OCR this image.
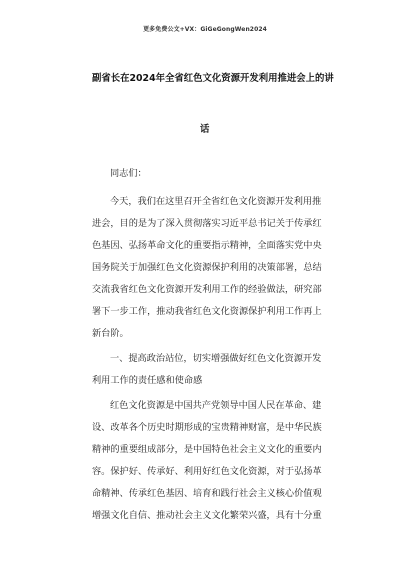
更多免费公文+VX：GiGeGongWen2024
副省长在2024年全省红色文化资源开发利用推进会上的讲
话
同志们：
今天，我们在这里召开全省红色文化资源开发利用推
进会，目的是为了深入贯彻落实习近平总书记关于传承红
色基因、弘扬革命文化的重要指示精神，全面落实党中央
国务院关于加强红色文化资源保护利用的决策部署，总结
交流我省红色文化资源开发利用工作的经验做法，研究部
署下一步工作，推动我省红色文化资源保护利用工作再上
新台阶。
一、提高政治站位，切实增强做好红色文化资源开发
利用工作的责任感和使命感
红色文化资源是中国共产党领导中国人民在革命、建
设、改革各个历史时期形成的宝贵精神财富，是中华民族
精神的重要组成部分，是中国特色社会主义文化的重要内
容。保护好、传承好、利用好红色文化资源，对于弘扬革
命精神、传承红色基因、培育和践行社会主义核心价值观
增强文化自信、推动社会主义文化繁荣兴盛，具有十分重
